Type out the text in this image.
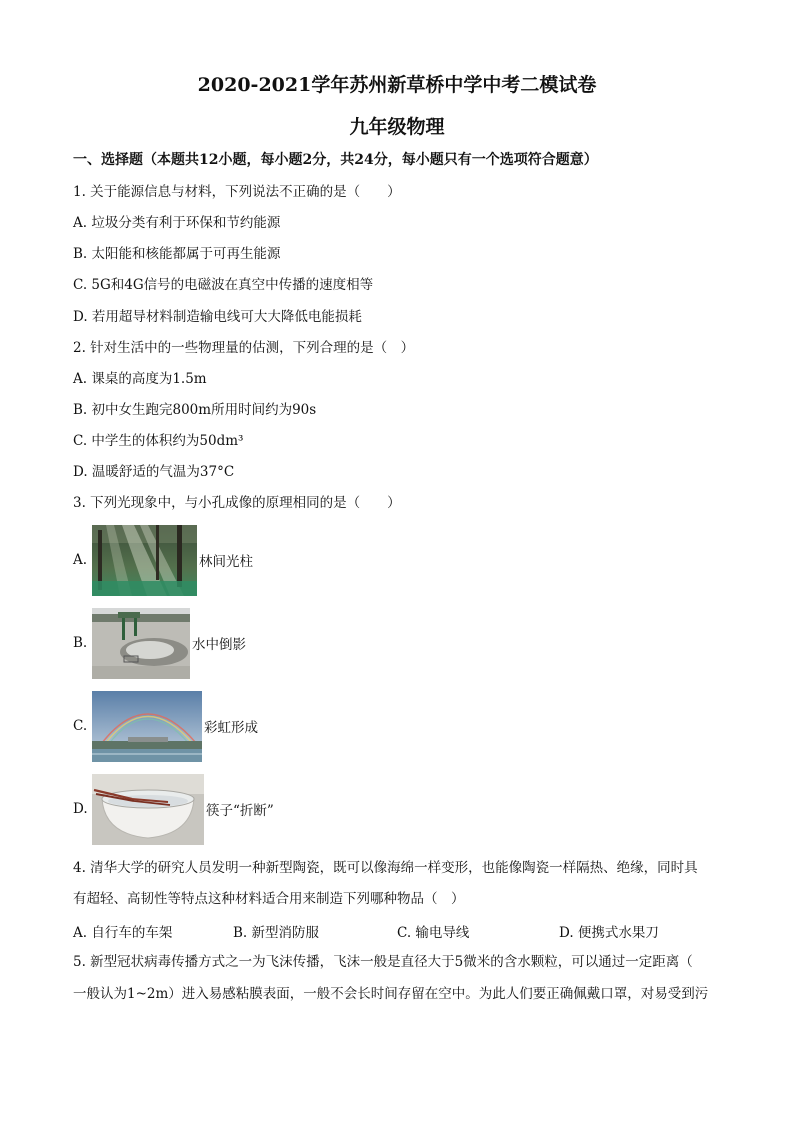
2020-2021学年苏州新草桥中学中考二模试卷
九年级物理
一、选择题（本题共12小题，每小题2分，共24分，每小题只有一个选项符合题意）
1. 关于能源信息与材料，下列说法不正确的是（　　）
A. 垃圾分类有利于环保和节约能源
B. 太阳能和核能都属于可再生能源
C. 5G和4G信号的电磁波在真空中传播的速度相等
D. 若用超导材料制造输电线可大大降低电能损耗
2. 针对生活中的一些物理量的估测，下列合理的是（　）
A. 课桌的高度为1.5m
B. 初中女生跑完800m所用时间约为90s
C. 中学生的体积约为50dm³
D. 温暖舒适的气温为37°C
3. 下列光现象中，与小孔成像的原理相同的是（　　）
A.	林间光柱
B.	水中倒影
C.	彩虹形成
D.	筷子“折断”
4. 清华大学的研究人员发明一种新型陶瓷，既可以像海绵一样变形，也能像陶瓷一样隔热、绝缘，同时具
有超轻、高韧性等特点这种材料适合用来制造下列哪种物品（　）
A. 自行车的车架	B. 新型消防服	C. 输电导线	D. 便携式水果刀
5. 新型冠状病毒传播方式之一为飞沫传播，飞沫一般是直径大于5微米的含水颗粒，可以通过一定距离（
一般认为1~2m）进入易感粘膜表面，一般不会长时间存留在空中。为此人们要正确佩戴口罩，对易受到污
